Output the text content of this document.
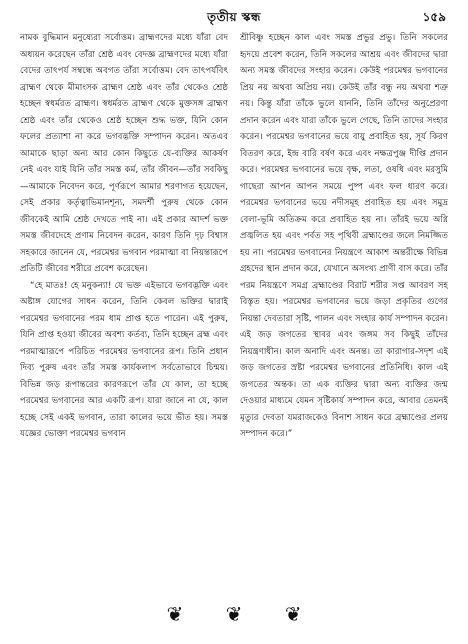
তৃতীয় স্কন্ধ	১৫৯

নামক বুদ্ধিমান মনুষ্যেরা সর্বোত্তম। ব্রাহ্মণদের মধ্যে যাঁরা বেদ অধ্যয়ন করেছেন তাঁরা শ্রেষ্ঠ এবং বেদজ্ঞ ব্রাহ্মণদের মধ্যে যাঁরা বেদের তাৎপর্য সম্বন্ধে অবগত তাঁরা সর্বোত্তম। বেদ তাৎপর্যবিৎ ব্রাহ্মণ থেকে মীমাংসক ব্রাহ্মণ শ্রেষ্ঠ এবং তাঁর থেকেও শ্রেষ্ঠ হচ্ছেন স্বধর্মরত ব্রাহ্মণ। স্বধর্মরত ব্রাহ্মণ থেকে মুক্তসঙ্গ ব্রাহ্মণ শ্রেষ্ঠ এবং তাঁর থেকেও শ্রেষ্ঠ হচ্ছেন শুদ্ধ ভক্ত, যিনি কোন ফলের প্রত্যাশা না করে ভগবদ্ভক্তি সম্পাদন করেন। অতএব আমাকে ছাড়া অন্য আর কোন কিছুতে যে-ব্যক্তির আকর্ষণ নেই এবং যাই যিনি তাঁর সমস্ত কর্ম, তাঁর জীবন—তাঁর সবকিছু—আমাকে নিবেদন করে, পূর্ণরূপে আমার শরণাগত হয়েছেন, সেই প্রকার কর্তৃত্বাভিমানশূন্য, সমদর্শী পুরুষ থেকে কোন জীবকেই আমি শ্রেষ্ঠ দেখতে পাই না। এই প্রকার আদর্শ ভক্ত সমস্ত জীবদেহে প্রণাম নিবেদন করেন, কারণ তিনি দৃঢ় বিশ্বাস সহকারে জানেন যে, পরমেশ্বর ভগবান পরমাত্মা বা নিয়ন্তারূপে প্রতিটি জীবের শরীরে প্রবেশ করেছেন।

“হে মাতঃ! হে মনুকন্যা! যে ভক্ত এইভাবে ভগবদ্ভক্তি এবং অষ্টাঙ্গ যোগের সাধন করেন, তিনি কেবল ভক্তির দ্বারাই পরমেশ্বর ভগবানের পরম ধাম প্রাপ্ত হতে পারেন। এই পুরুষ, যিনি প্রাপ্ত হওয়া জীবের অবশ্য কর্তব্য, তিনি হচ্ছেন ব্রহ্ম এবং পরমাত্মারূপে পরিচিত পরমেশ্বর ভগবানের রূপ। তিনি প্রধান দিব্য পুরুষ এবং তাঁর সমস্ত কার্যকলাপ সর্বতোভাবে চিন্ময়। বিভিন্ন জড় রূপান্তরের কারণরূপে তাঁর যে কাল, তা হচ্ছে পরমেশ্বর ভগবানের আর একটি রূপ। যারা জানে না যে, কাল হচ্ছে সেই একই ভগবান, তারা কালের ভয়ে ভীত হয়। সমস্ত যজ্ঞের ভোক্তা পরমেশ্বর ভগবান

শ্রীবিষ্ণু হচ্ছেন কাল এবং সমস্ত প্রভুর প্রভু। তিনি সকলের হৃদয়ে প্রবেশ করেন, তিনি সকলের আশ্রয় এবং জীবদের দ্বারা অন্য সমস্ত জীবদের সংহার করেন। কেউই পরমেশ্বর ভগবানের প্রিয় নয় অথবা অপ্রিয় নয়। কেউই তাঁর বন্ধু নয় অথবা শত্রু নয়। কিন্তু যাঁরা তাঁকে ভুলে যাননি, তিনি তাঁদের অনুপ্রেরণা প্রদান করেন এবং যারা তাঁকে ভুলে গেছে, তিনি তাদের সংহার করেন। পরমেশ্বর ভগবানের ভয়ে বায়ু প্রবাহিত হয়, সূর্য কিরণ বিতরণ করে, ইন্দ্র বারি বর্ষণ করে এবং নক্ষত্রপুঞ্জ দীপ্তি প্রদান করে। পরমেশ্বর ভগবানের ভয়ে বৃক্ষ, লতা, ওষধি এবং মরসুমি গাছেরা আপন আপন সময়ে পুষ্প এবং ফল ধারণ করে। পরমেশ্বর ভগবানের ভয়ে নদীসমূহ প্রবাহিত হয় এবং সমুদ্র বেলা-ভূমি অতিক্রম করে প্রবাহিত হয় না। তাঁরই ভয়ে অগ্নি প্রজ্বলিত হয় এবং পর্বত সহ পৃথিবী ব্রহ্মাণ্ডের জলে নিমজ্জিত হয় না। পরমেশ্বর ভগবানের নিয়ন্ত্রণে আকাশ অন্তরীক্ষে বিভিন্ন গ্রহদের স্থান প্রদান করে, যেখানে অসংখ্য প্রাণী বাস করে। তাঁর পরম নিয়ন্ত্রণে সমগ্র ব্রহ্মাণ্ডের বিরাট শরীর সপ্ত আবরণ সহ বিস্তৃত হয়। পরমেশ্বর ভগবানের ভয়ে জড়া প্রকৃতির গুণের নিয়ন্তা দেবতারা সৃষ্টি, পালন এবং সংহার কার্য সম্পাদন করেন। এই জড় জগতের স্থাবর এবং জঙ্গম সব কিছুই তাঁদের নিয়ন্ত্রণাধীন। কাল অনাদি এবং অনন্ত। তা কারাগার-সদৃশ এই জড় জগতের স্রষ্টা পরমেশ্বর ভগবানের প্রতিনিধি। কাল এই জগতের অন্তক। তা এক ব্যক্তির দ্বারা অন্য ব্যক্তির জন্ম দেওয়ার মাধ্যমে যেমন সৃষ্টিকার্য সম্পাদন করে, আবার তেমনই মৃত্যুর দেবতা যমরাজকেও বিনাশ সাধন করে ব্রহ্মাণ্ডের প্রলয় সম্পাদন করে।”

❦ ❦ ❦
